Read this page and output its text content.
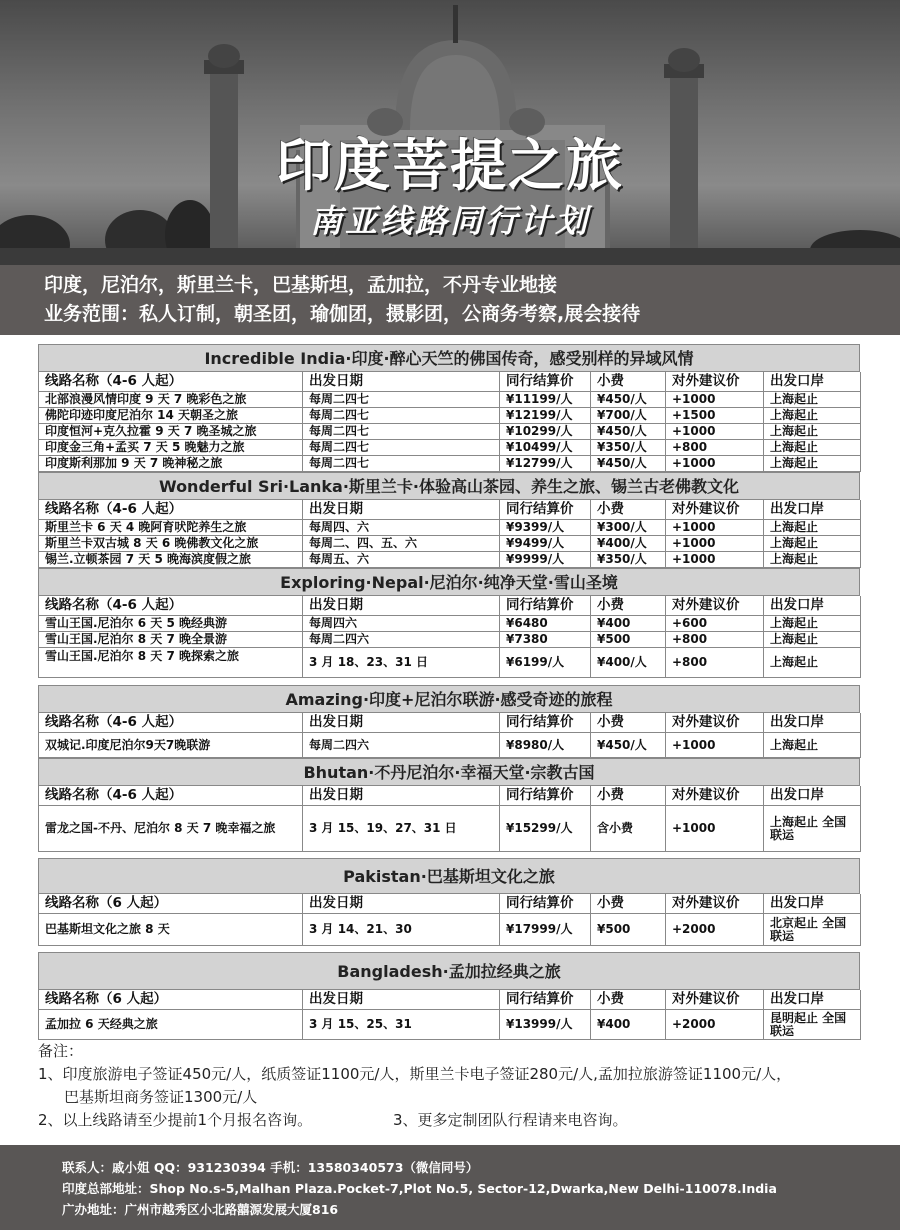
印度菩提之旅
南亚线路同行计划
印度，尼泊尔，斯里兰卡，巴基斯坦，孟加拉，不丹专业地接
业务范围：私人订制，朝圣团，瑜伽团，摄影团，公商务考察,展会接待
Incredible India·印度·醉心天竺的佛国传奇，感受别样的异域风情
线路名称（4-6 人起）	出发日期	同行结算价	小费	对外建议价	出发口岸
北部浪漫风情印度 9 天 7 晚彩色之旅	每周二四七	¥11199/人	¥450/人	+1000	上海起止
佛陀印迹印度尼泊尔 14 天朝圣之旅	每周二四七	¥12199/人	¥700/人	+1500	上海起止
印度恒河+克久拉霍 9 天 7 晚圣城之旅	每周二四七	¥10299/人	¥450/人	+1000	上海起止
印度金三角+孟买 7 天 5 晚魅力之旅	每周二四七	¥10499/人	¥350/人	+800	上海起止
印度斯利那加 9 天 7 晚神秘之旅	每周二四七	¥12799/人	¥450/人	+1000	上海起止
Wonderful Sri·Lanka·斯里兰卡·体验高山茶园、养生之旅、锡兰古老佛教文化
线路名称（4-6 人起）	出发日期	同行结算价	小费	对外建议价	出发口岸
斯里兰卡 6 天 4 晚阿育吠陀养生之旅	每周四、六	¥9399/人	¥300/人	+1000	上海起止
斯里兰卡双古城 8 天 6 晚佛教文化之旅	每周二、四、五、六	¥9499/人	¥400/人	+1000	上海起止
锡兰.立顿茶园 7 天 5 晚海滨度假之旅	每周五、六	¥9999/人	¥350/人	+1000	上海起止
Exploring·Nepal·尼泊尔·纯净天堂·雪山圣境
线路名称（4-6 人起）	出发日期	同行结算价	小费	对外建议价	出发口岸
雪山王国.尼泊尔 6 天 5 晚经典游	每周四六	¥6480	¥400	+600	上海起止
雪山王国.尼泊尔 8 天 7 晚全景游	每周二四六	¥7380	¥500	+800	上海起止
雪山王国.尼泊尔 8 天 7 晚探索之旅	3 月 18、23、31 日	¥6199/人	¥400/人	+800	上海起止
Amazing·印度+尼泊尔联游·感受奇迹的旅程
线路名称（4-6 人起）	出发日期	同行结算价	小费	对外建议价	出发口岸
双城记.印度尼泊尔9天7晚联游	每周二四六	¥8980/人	¥450/人	+1000	上海起止
Bhutan·不丹尼泊尔·幸福天堂·宗教古国
线路名称（4-6 人起）	出发日期	同行结算价	小费	对外建议价	出发口岸
雷龙之国-不丹、尼泊尔 8 天 7 晚幸福之旅	3 月 15、19、27、31 日	¥15299/人	含小费	+1000	上海起止 全国联运
Pakistan·巴基斯坦文化之旅
线路名称（6 人起）	出发日期	同行结算价	小费	对外建议价	出发口岸
巴基斯坦文化之旅 8 天	3 月 14、21、30	¥17999/人	¥500	+2000	北京起止 全国联运
Bangladesh·孟加拉经典之旅
线路名称（6 人起）	出发日期	同行结算价	小费	对外建议价	出发口岸
孟加拉 6 天经典之旅	3 月 15、25、31	¥13999/人	¥400	+2000	昆明起止 全国联运
备注：
1、印度旅游电子签证450元/人，纸质签证1100元/人，斯里兰卡电子签证280元/人,孟加拉旅游签证1100元/人，
巴基斯坦商务签证1300元/人
2、以上线路请至少提前1个月报名咨询。	3、更多定制团队行程请来电咨询。
联系人：戚小姐 QQ：931230394 手机：13580340573（微信同号）
印度总部地址：Shop No.s-5,Malhan Plaza.Pocket-7,Plot No.5, Sector-12,Dwarka,New Delhi-110078.India
广办地址：广州市越秀区小北路囍源发展大厦816
